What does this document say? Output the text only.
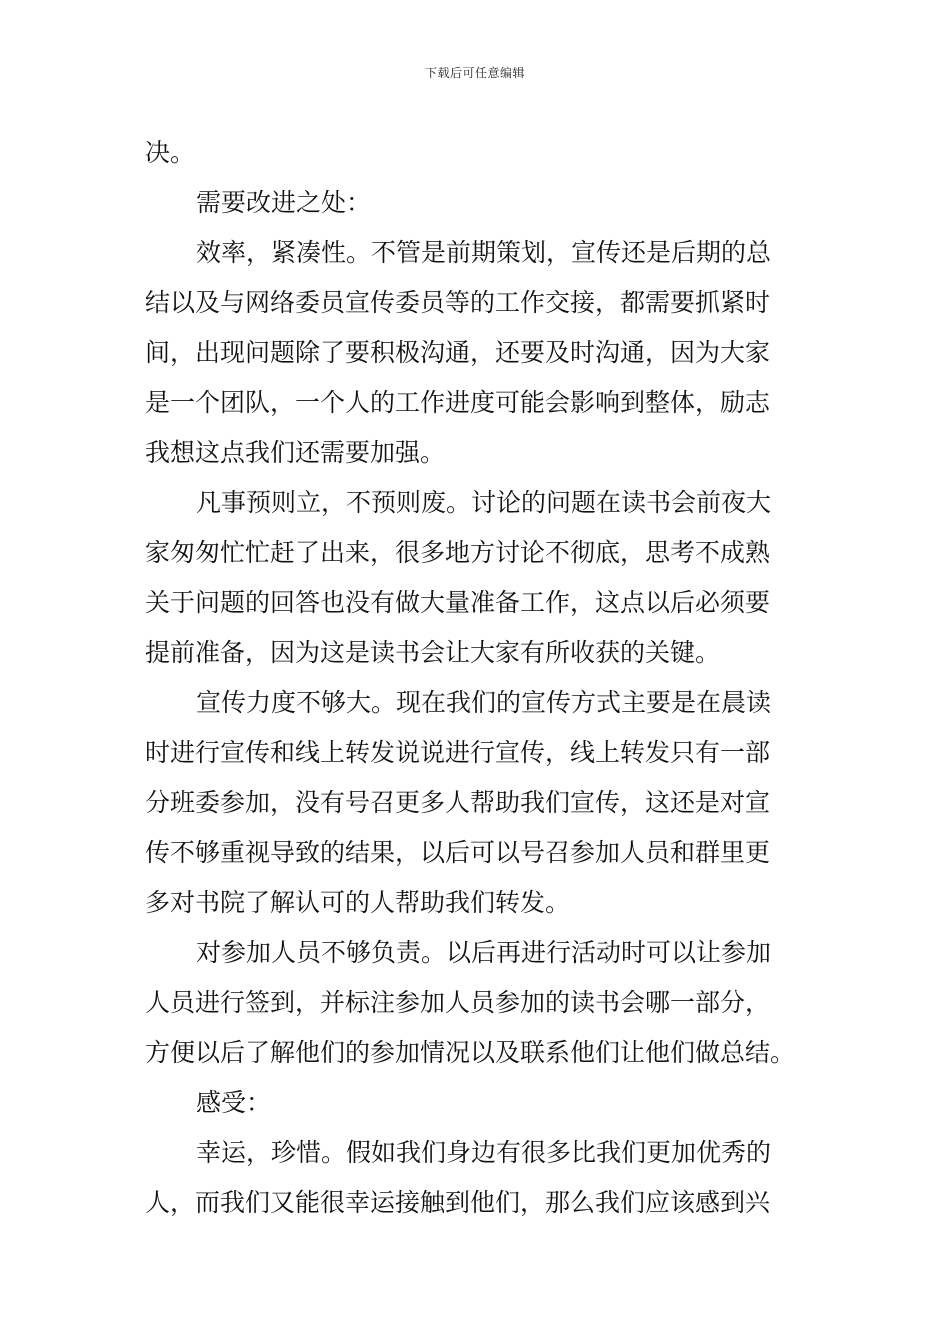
下载后可任意编辑
决。
需要改进之处：
效率，紧凑性。不管是前期策划，宣传还是后期的总
结以及与网络委员宣传委员等的工作交接，都需要抓紧时
间，出现问题除了要积极沟通，还要及时沟通，因为大家
是一个团队，一个人的工作进度可能会影响到整体，励志
我想这点我们还需要加强。
凡事预则立，不预则废。讨论的问题在读书会前夜大
家匆匆忙忙赶了出来，很多地方讨论不彻底，思考不成熟
关于问题的回答也没有做大量准备工作，这点以后必须要
提前准备，因为这是读书会让大家有所收获的关键。
宣传力度不够大。现在我们的宣传方式主要是在晨读
时进行宣传和线上转发说说进行宣传，线上转发只有一部
分班委参加，没有号召更多人帮助我们宣传，这还是对宣
传不够重视导致的结果，以后可以号召参加人员和群里更
多对书院了解认可的人帮助我们转发。
对参加人员不够负责。以后再进行活动时可以让参加
人员进行签到，并标注参加人员参加的读书会哪一部分，
方便以后了解他们的参加情况以及联系他们让他们做总结。
感受：
幸运，珍惜。假如我们身边有很多比我们更加优秀的
人，而我们又能很幸运接触到他们，那么我们应该感到兴
